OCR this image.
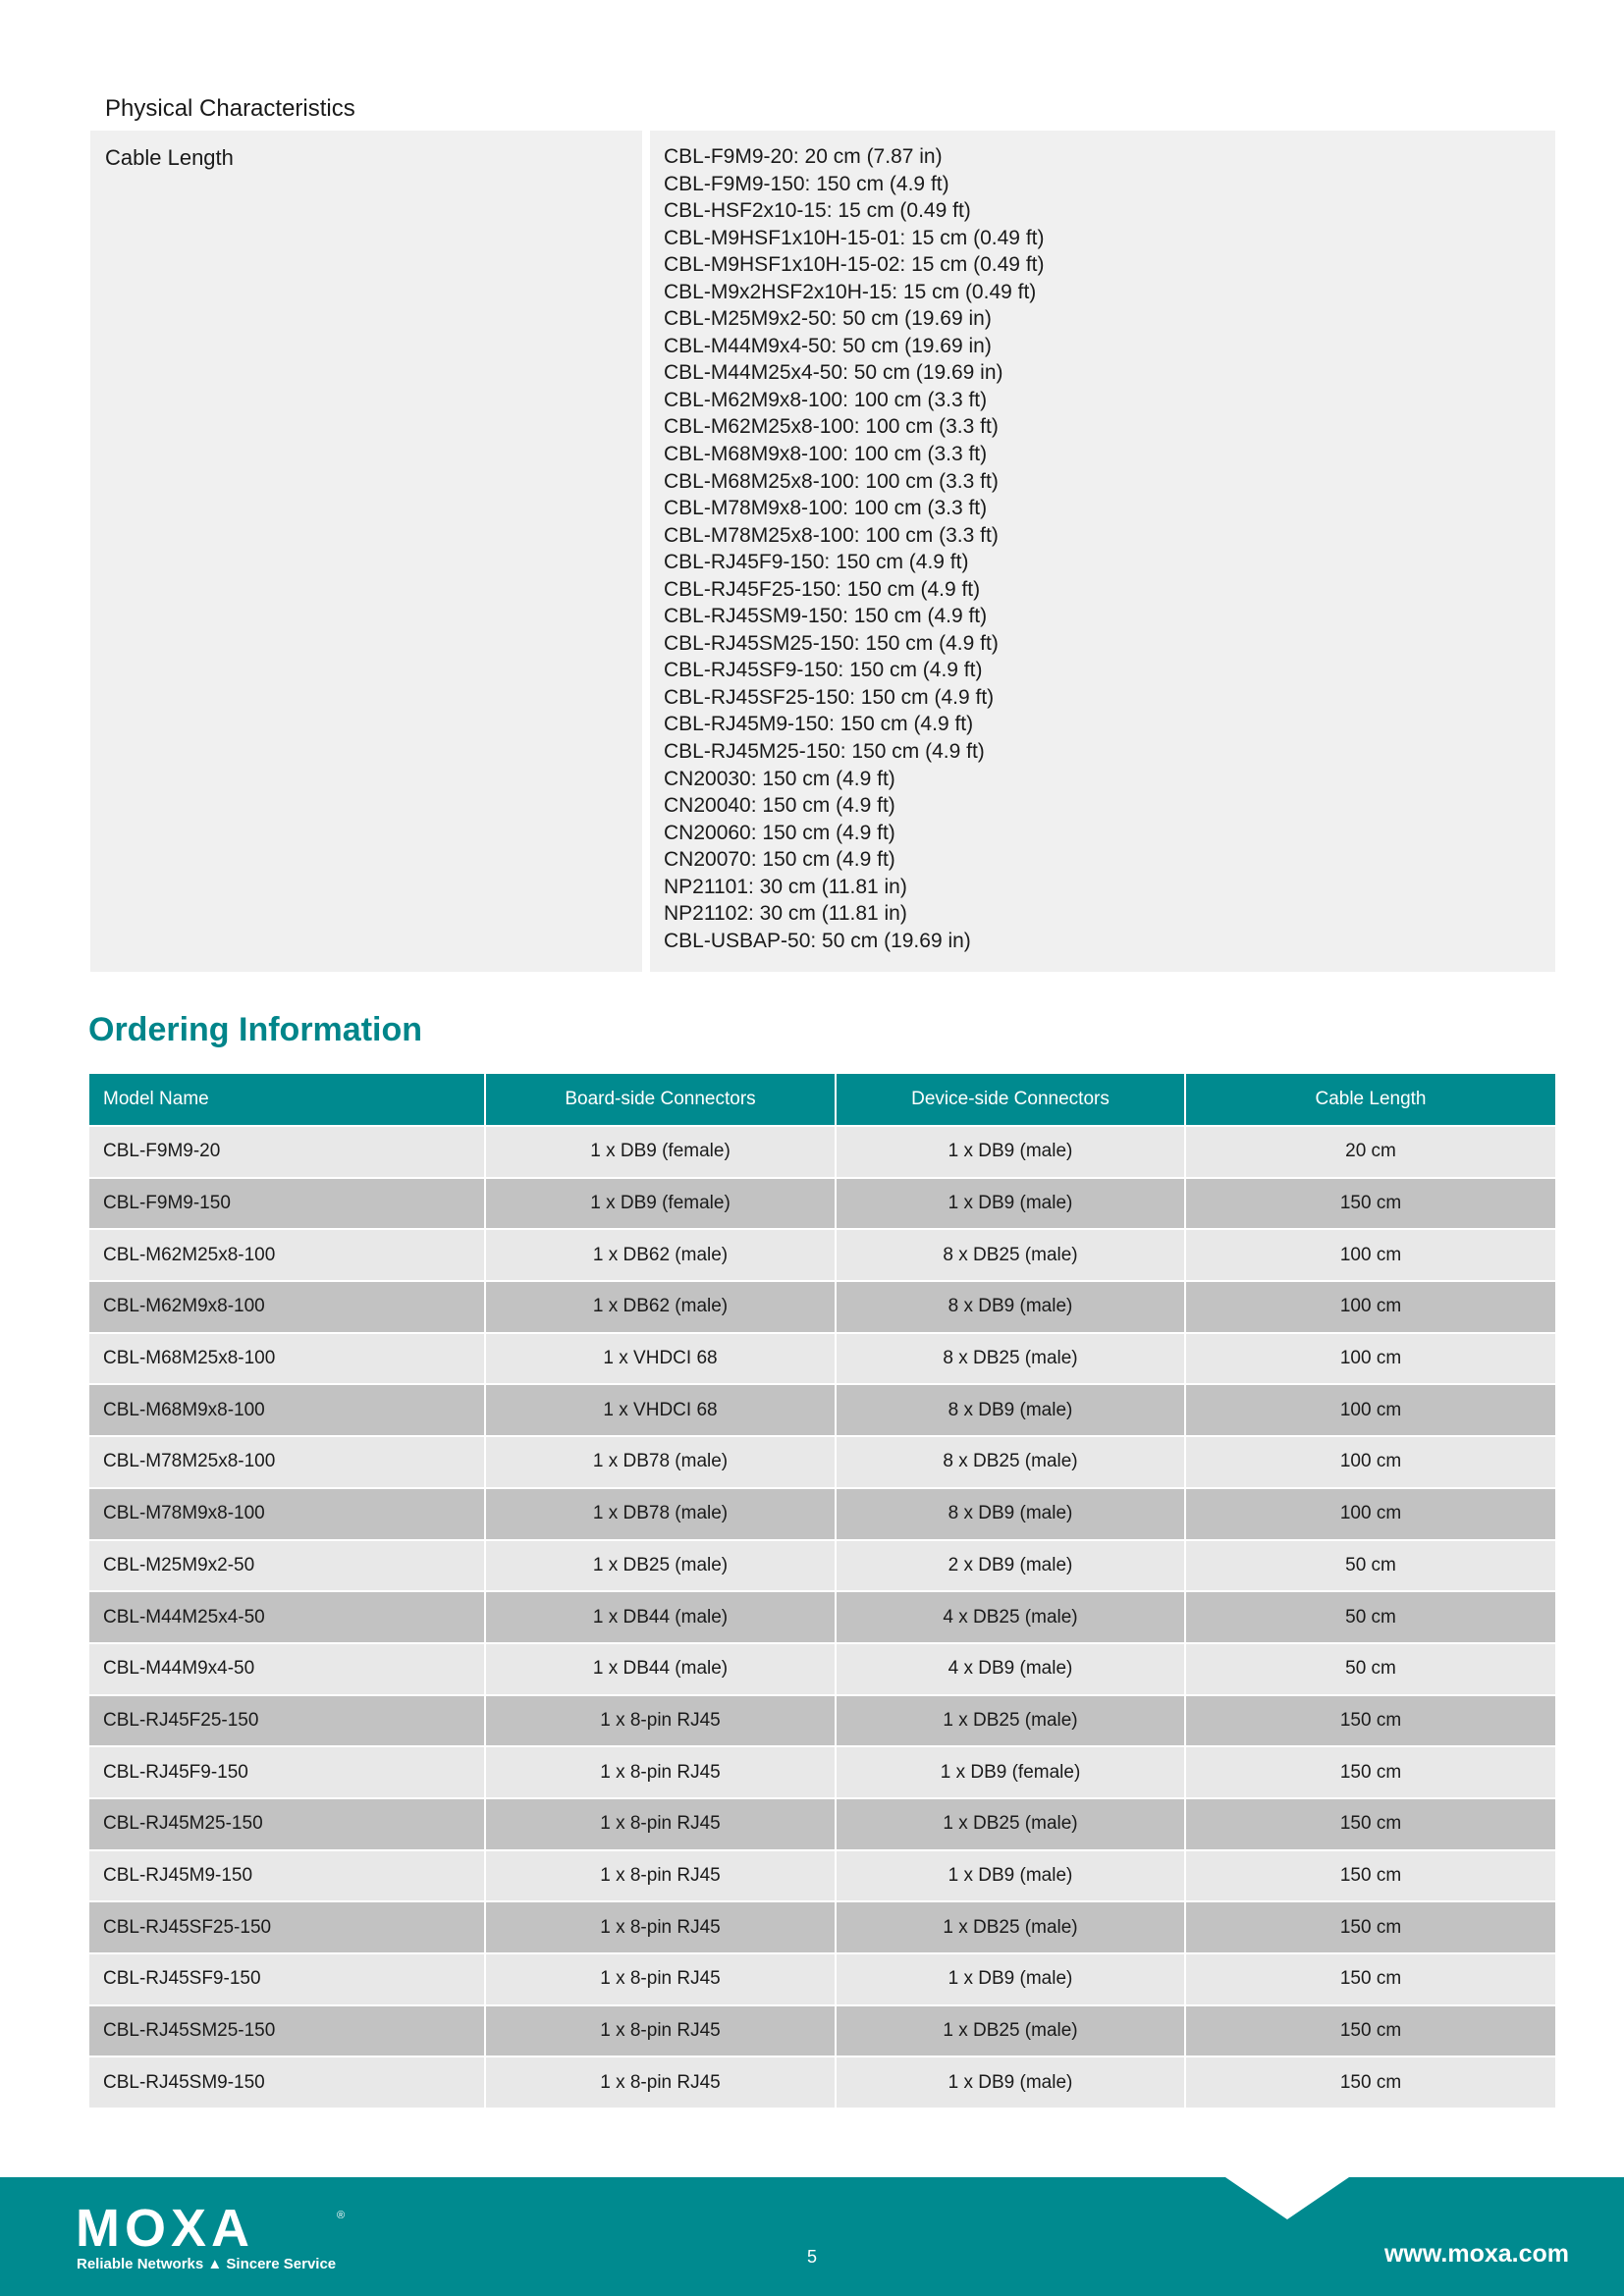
Physical Characteristics
Cable Length	CBL-F9M9-20: 20 cm (7.87 in)
CBL-F9M9-150: 150 cm (4.9 ft)
CBL-HSF2x10-15: 15 cm (0.49 ft)
CBL-M9HSF1x10H-15-01: 15 cm (0.49 ft)
CBL-M9HSF1x10H-15-02: 15 cm (0.49 ft)
CBL-M9x2HSF2x10H-15: 15 cm (0.49 ft)
CBL-M25M9x2-50: 50 cm (19.69 in)
CBL-M44M9x4-50: 50 cm (19.69 in)
CBL-M44M25x4-50: 50 cm (19.69 in)
CBL-M62M9x8-100: 100 cm (3.3 ft)
CBL-M62M25x8-100: 100 cm (3.3 ft)
CBL-M68M9x8-100: 100 cm (3.3 ft)
CBL-M68M25x8-100: 100 cm (3.3 ft)
CBL-M78M9x8-100: 100 cm (3.3 ft)
CBL-M78M25x8-100: 100 cm (3.3 ft)
CBL-RJ45F9-150: 150 cm (4.9 ft)
CBL-RJ45F25-150: 150 cm (4.9 ft)
CBL-RJ45SM9-150: 150 cm (4.9 ft)
CBL-RJ45SM25-150: 150 cm (4.9 ft)
CBL-RJ45SF9-150: 150 cm (4.9 ft)
CBL-RJ45SF25-150: 150 cm (4.9 ft)
CBL-RJ45M9-150: 150 cm (4.9 ft)
CBL-RJ45M25-150: 150 cm (4.9 ft)
CN20030: 150 cm (4.9 ft)
CN20040: 150 cm (4.9 ft)
CN20060: 150 cm (4.9 ft)
CN20070: 150 cm (4.9 ft)
NP21101: 30 cm (11.81 in)
NP21102: 30 cm (11.81 in)
CBL-USBAP-50: 50 cm (19.69 in)
Ordering Information
Model Name	Board-side Connectors	Device-side Connectors	Cable Length
CBL-F9M9-20	1 x DB9 (female)	1 x DB9 (male)	20 cm
CBL-F9M9-150	1 x DB9 (female)	1 x DB9 (male)	150 cm
CBL-M62M25x8-100	1 x DB62 (male)	8 x DB25 (male)	100 cm
CBL-M62M9x8-100	1 x DB62 (male)	8 x DB9 (male)	100 cm
CBL-M68M25x8-100	1 x VHDCI 68	8 x DB25 (male)	100 cm
CBL-M68M9x8-100	1 x VHDCI 68	8 x DB9 (male)	100 cm
CBL-M78M25x8-100	1 x DB78 (male)	8 x DB25 (male)	100 cm
CBL-M78M9x8-100	1 x DB78 (male)	8 x DB9 (male)	100 cm
CBL-M25M9x2-50	1 x DB25 (male)	2 x DB9 (male)	50 cm
CBL-M44M25x4-50	1 x DB44 (male)	4 x DB25 (male)	50 cm
CBL-M44M9x4-50	1 x DB44 (male)	4 x DB9 (male)	50 cm
CBL-RJ45F25-150	1 x 8-pin RJ45	1 x DB25 (male)	150 cm
CBL-RJ45F9-150	1 x 8-pin RJ45	1 x DB9 (female)	150 cm
CBL-RJ45M25-150	1 x 8-pin RJ45	1 x DB25 (male)	150 cm
CBL-RJ45M9-150	1 x 8-pin RJ45	1 x DB9 (male)	150 cm
CBL-RJ45SF25-150	1 x 8-pin RJ45	1 x DB25 (male)	150 cm
CBL-RJ45SF9-150	1 x 8-pin RJ45	1 x DB9 (male)	150 cm
CBL-RJ45SM25-150	1 x 8-pin RJ45	1 x DB25 (male)	150 cm
CBL-RJ45SM9-150	1 x 8-pin RJ45	1 x DB9 (male)	150 cm
MOXA	®
Reliable Networks ▲ Sincere Service	5	www.moxa.com
